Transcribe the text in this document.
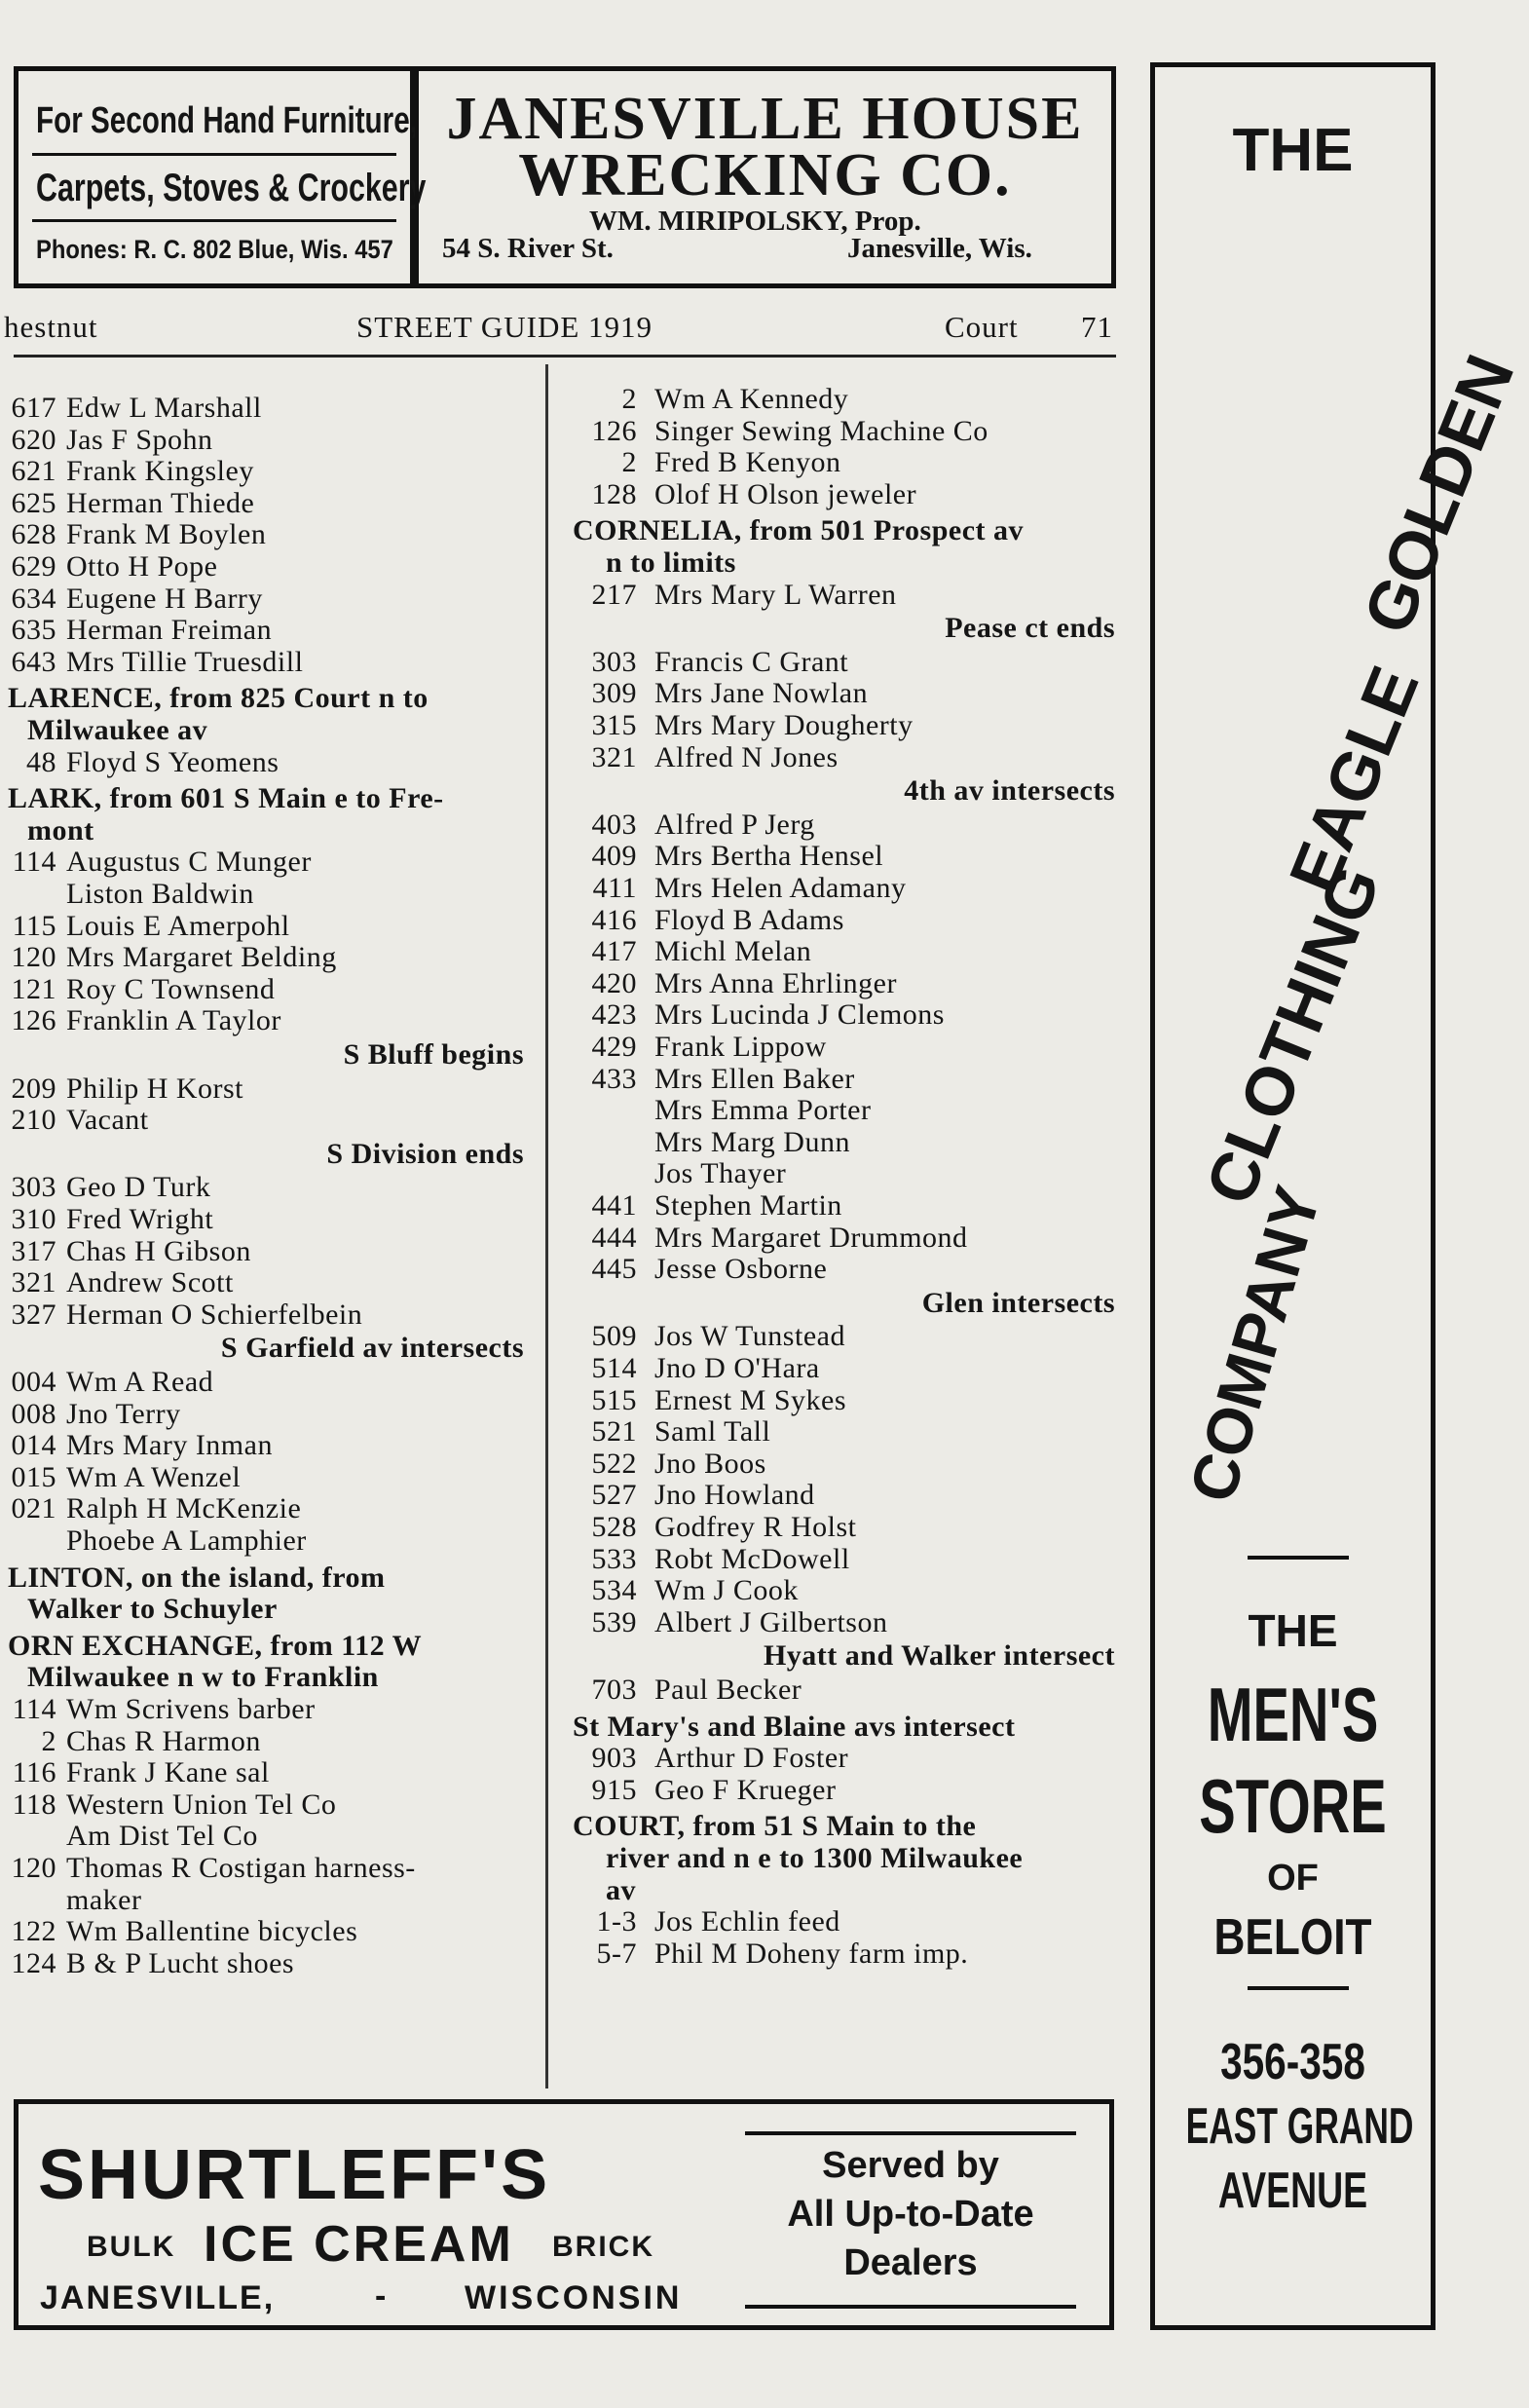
For Second Hand Furniture,
Carpets, Stoves & Crockery
Phones: R. C. 802 Blue, Wis. 457
JANESVILLE HOUSE
WRECKING CO.
WM. MIRIPOLSKY, Prop.
54 S. River St.	Janesville, Wis.
hestnut	STREET GUIDE 1919	Court 71
617 Edw L Marshall
620 Jas F Spohn
621 Frank Kingsley
625 Herman Thiede
628 Frank M Boylen
629 Otto H Pope
634 Eugene H Barry
635 Herman Freiman
643 Mrs Tillie Truesdill
LARENCE, from 825 Court n to
Milwaukee av
48 Floyd S Yeomens
LARK, from 601 S Main e to Fre-
mont
114 Augustus C Munger
Liston Baldwin
115 Louis E Amerpohl
120 Mrs Margaret Belding
121 Roy C Townsend
126 Franklin A Taylor
S Bluff begins
209 Philip H Korst
210 Vacant
S Division ends
303 Geo D Turk
310 Fred Wright
317 Chas H Gibson
321 Andrew Scott
327 Herman O Schierfelbein
S Garfield av intersects
004 Wm A Read
008 Jno Terry
014 Mrs Mary Inman
015 Wm A Wenzel
021 Ralph H McKenzie
Phoebe A Lamphier
LINTON, on the island, from
Walker to Schuyler
ORN EXCHANGE, from 112 W
Milwaukee n w to Franklin
114 Wm Scrivens barber
2 Chas R Harmon
116 Frank J Kane sal
118 Western Union Tel Co
Am Dist Tel Co
120 Thomas R Costigan harness-
maker
122 Wm Ballentine bicycles
124 B & P Lucht shoes
2 Wm A Kennedy
126 Singer Sewing Machine Co
2 Fred B Kenyon
128 Olof H Olson jeweler
CORNELIA, from 501 Prospect av
n to limits
217 Mrs Mary L Warren
Pease ct ends
303 Francis C Grant
309 Mrs Jane Nowlan
315 Mrs Mary Dougherty
321 Alfred N Jones
4th av intersects
403 Alfred P Jerg
409 Mrs Bertha Hensel
411 Mrs Helen Adamany
416 Floyd B Adams
417 Michl Melan
420 Mrs Anna Ehrlinger
423 Mrs Lucinda J Clemons
429 Frank Lippow
433 Mrs Ellen Baker
Mrs Emma Porter
Mrs Marg Dunn
Jos Thayer
441 Stephen Martin
444 Mrs Margaret Drummond
445 Jesse Osborne
Glen intersects
509 Jos W Tunstead
514 Jno D O'Hara
515 Ernest M Sykes
521 Saml Tall
522 Jno Boos
527 Jno Howland
528 Godfrey R Holst
533 Robt McDowell
534 Wm J Cook
539 Albert J Gilbertson
Hyatt and Walker intersect
703 Paul Becker
St Mary's and Blaine avs intersect
903 Arthur D Foster
915 Geo F Krueger
COURT, from 51 S Main to the
river and n e to 1300 Milwaukee
av
1-3 Jos Echlin feed
5-7 Phil M Doheny farm imp.
THE
GOLDEN
EAGLE
CLOTHING
COMPANY
THE
MEN'S
STORE
OF
BELOIT
356-358
EAST GRAND
AVENUE
SHURTLEFF'S
BULK ICE CREAM BRICK
JANESVILLE,	- WISCONSIN
Served by
All Up-to-Date
Dealers
